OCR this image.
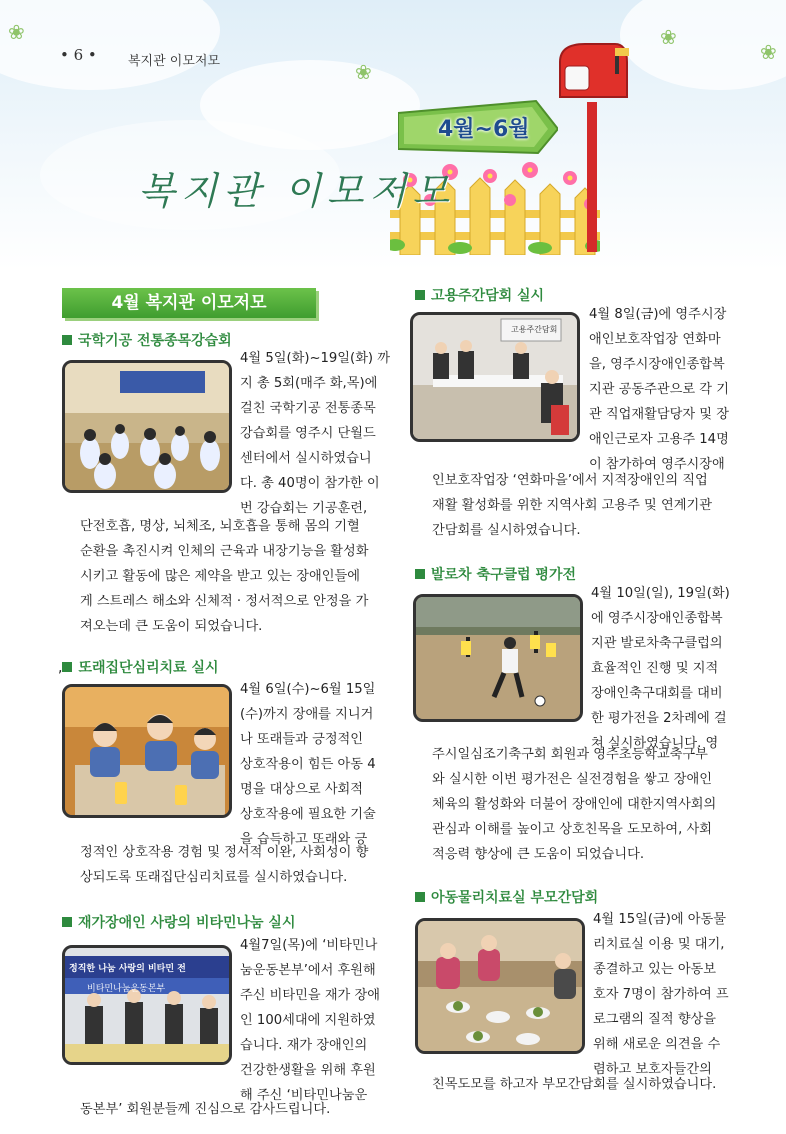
❀
❀
❀
❀
• 6 • 복지관 이모저모
4월~6월
복지관 이모저모
4월 복지관 이모저모
국학기공 전통종목강습회
4월 5일(화)~19일(화) 까
지 총 5회(매주 화,목)에
걸친 국학기공 전통종목
강습회를 영주시 단월드
센터에서 실시하였습니
다. 총 40명이 참가한 이
번 강습회는 기공훈련,
단전호흡, 명상, 뇌체조, 뇌호흡을 통해 몸의 기혈
순환을 촉진시켜 인체의 근육과 내장기능을 활성화
시키고 활동에 많은 제약을 받고 있는 장애인들에
게 스트레스 해소와 신체적 · 정서적으로 안정을 가
져오는데 큰 도움이 되었습니다.
, 또래집단심리치료 실시
4월 6일(수)~6월 15일
(수)까지 장애를 지니거
나 또래들과 긍정적인
상호작용이 힘든 아동 4
명을 대상으로 사회적
상호작용에 필요한 기술
을 습득하고 또래와 긍
정적인 상호작용 경험 및 정서적 이완, 사회성이 향
상되도록 또래집단심리치료를 실시하였습니다.
재가장애인 사랑의 비타민나눔 실시
정직한 나눔 사랑의 비타민 전
비타민나눔운동본부
4월7일(목)에 ‘비타민나
눔운동본부’에서 후원해
주신 비타민을 재가 장애
인 100세대에 지원하였
습니다. 재가 장애인의
건강한생활을 위해 후원
해 주신 ‘비타민나눔운
동본부’ 회원분들께 진심으로 감사드립니다.
고용주간담회 실시
고용주간담회
4월 8일(금)에 영주시장
애인보호작업장 연화마
을, 영주시장애인종합복
지관 공동주관으로 각 기
관 직업재활담당자 및 장
애인근로자 고용주 14명
이 참가하여 영주시장애
인보호작업장 ‘연화마을’에서 지적장애인의 직업
재활 활성화를 위한 지역사회 고용주 및 연계기관
간담회를 실시하였습니다.
발로차 축구클럽 평가전
4월 10일(일), 19일(화)
에 영주시장애인종합복
지관 발로차축구클럽의
효율적인 진행 및 지적
장애인축구대회를 대비
한 평가전을 2차례에 걸
쳐 실시하였습니다. 영
주시일심조기축구회 회원과 영주초등학교축구부
와 실시한 이번 평가전은 실전경험을 쌓고 장애인
체육의 활성화와 더불어 장애인에 대한지역사회의
관심과 이해를 높이고 상호친목을 도모하여, 사회
적응력 향상에 큰 도움이 되었습니다.
아동물리치료실 부모간담회
4월 15일(금)에 아동물
리치료실 이용 및 대기,
종결하고 있는 아동보
호자 7명이 참가하여 프
로그램의 질적 향상을
위해 새로운 의견을 수
렴하고 보호자들간의
친목도모를 하고자 부모간담회를 실시하였습니다.
